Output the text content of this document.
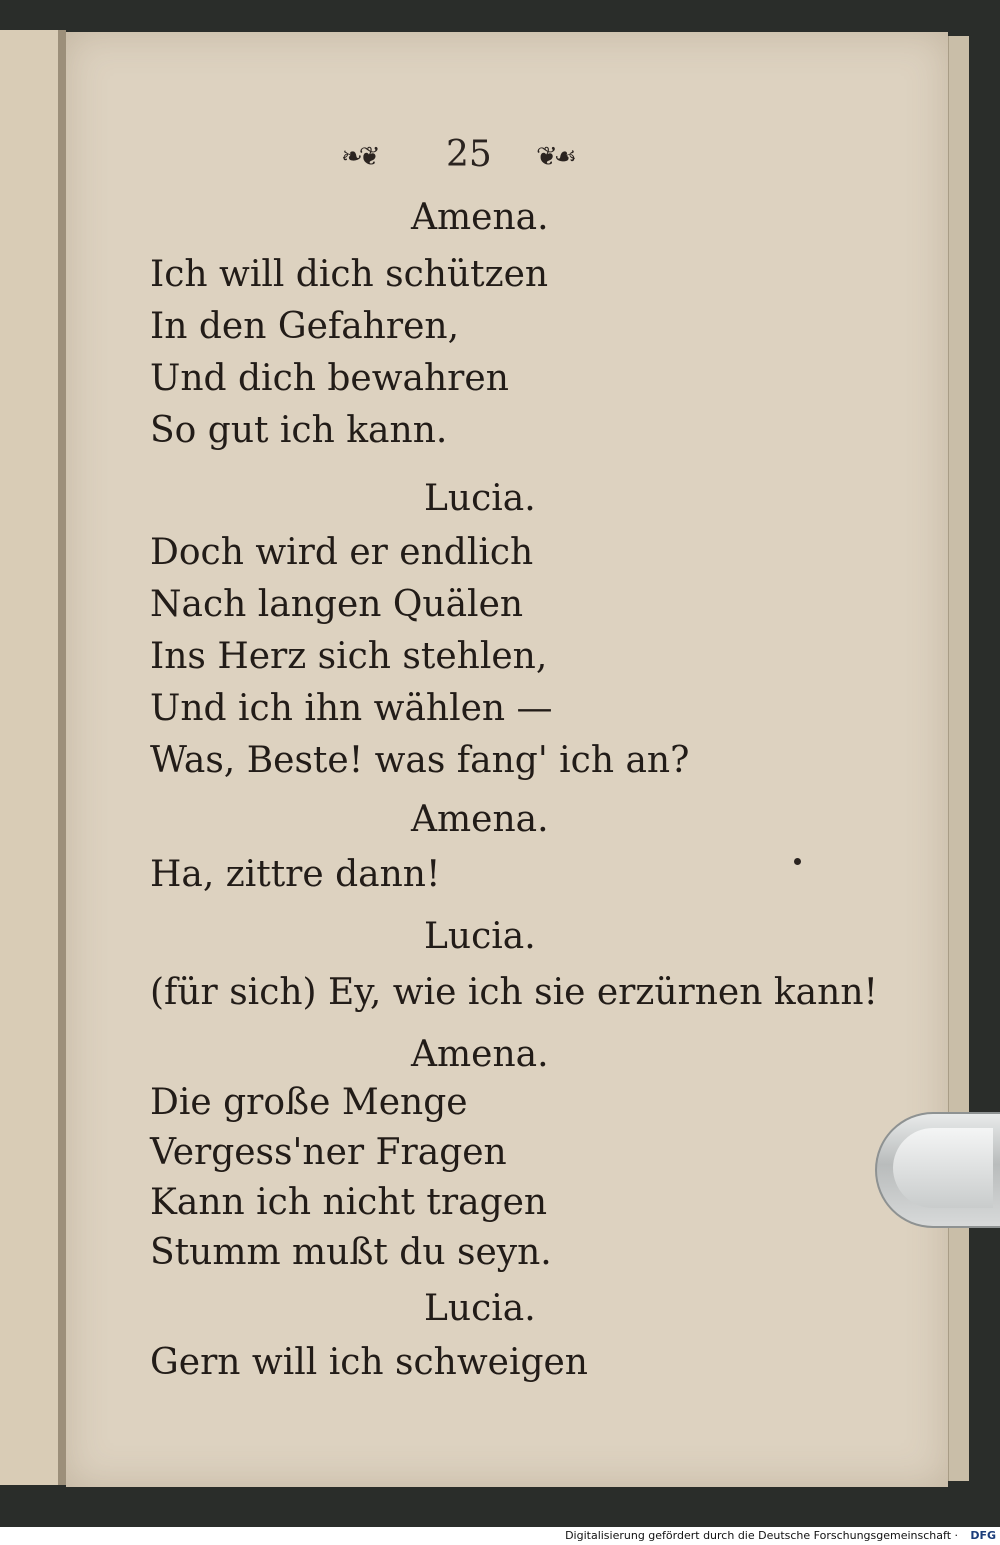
❧❦ 25 ❦☙
Amena.
Ich will dich schützen
In den Gefahren,
Und dich bewahren
So gut ich kann.
Lucia.
Doch wird er endlich
Nach langen Quälen
Ins Herz sich stehlen,
Und ich ihn wählen —
Was, Beste! was fang' ich an?
Amena.
Ha, zittre dann!
Lucia.
(für sich) Ey, wie ich sie erzürnen kann!
Amena.
Die große Menge
Vergess'ner Fragen
Kann ich nicht tragen
Stumm mußt du seyn.
Lucia.
Gern will ich schweigen
Digitalisierung gefördert durch die Deutsche Forschungsgemeinschaft · DFG
